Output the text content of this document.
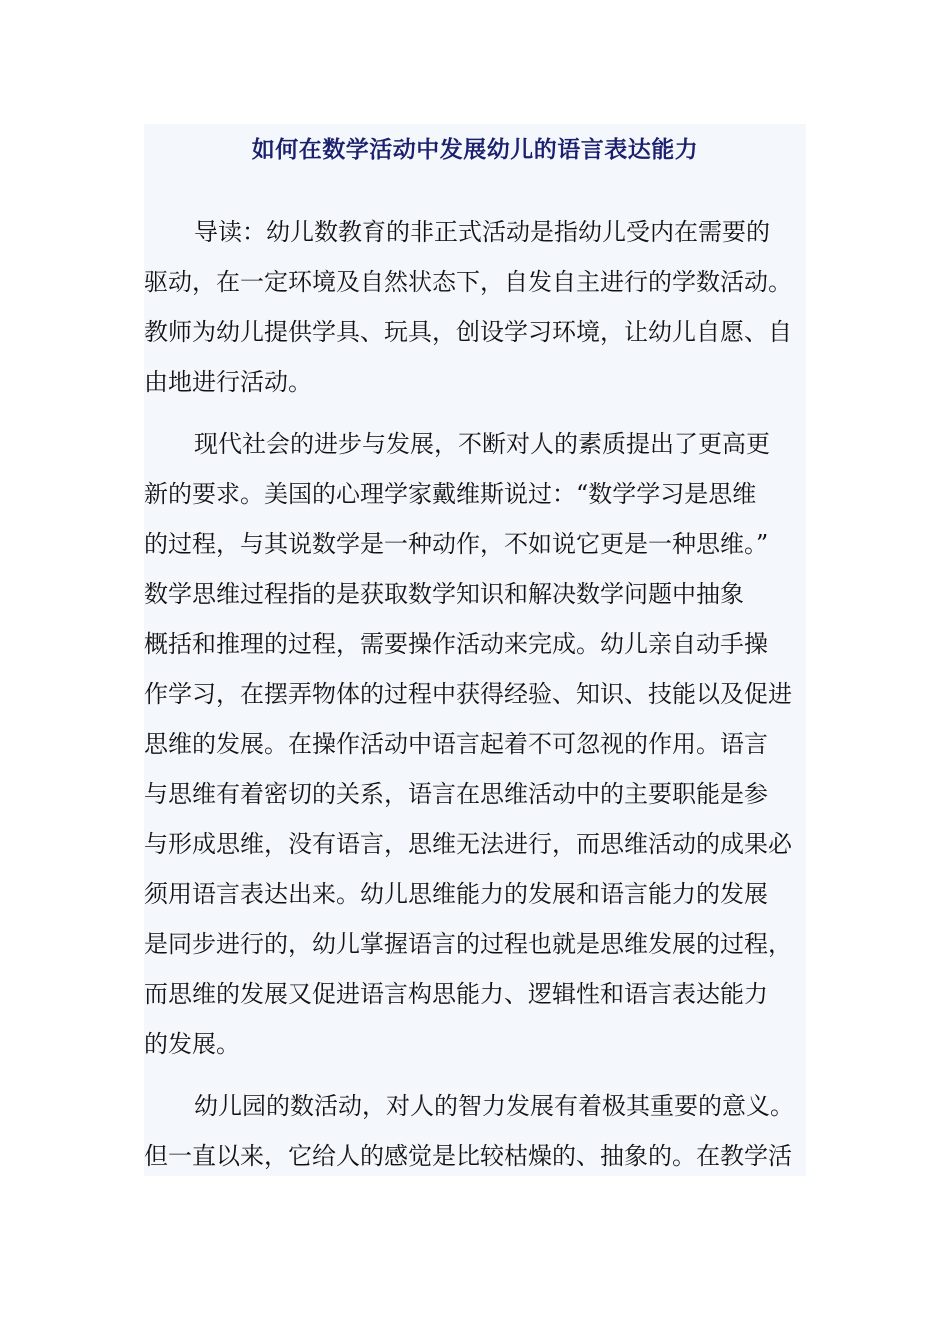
如何在数学活动中发展幼儿的语言表达能力
导读：幼儿数教育的非正式活动是指幼儿受内在需要的
驱动，在一定环境及自然状态下，自发自主进行的学数活动。
教师为幼儿提供学具、玩具，创设学习环境，让幼儿自愿、自
由地进行活动。
现代社会的进步与发展，不断对人的素质提出了更高更
新的要求。美国的心理学家戴维斯说过：“数学学习是思维
的过程，与其说数学是一种动作，不如说它更是一种思维。”
数学思维过程指的是获取数学知识和解决数学问题中抽象
概括和推理的过程，需要操作活动来完成。幼儿亲自动手操
作学习，在摆弄物体的过程中获得经验、知识、技能以及促进
思维的发展。在操作活动中语言起着不可忽视的作用。语言
与思维有着密切的关系，语言在思维活动中的主要职能是参
与形成思维，没有语言，思维无法进行，而思维活动的成果必
须用语言表达出来。幼儿思维能力的发展和语言能力的发展
是同步进行的，幼儿掌握语言的过程也就是思维发展的过程，
而思维的发展又促进语言构思能力、逻辑性和语言表达能力
的发展。
幼儿园的数活动，对人的智力发展有着极其重要的意义。
但一直以来，它给人的感觉是比较枯燥的、抽象的。在教学活
